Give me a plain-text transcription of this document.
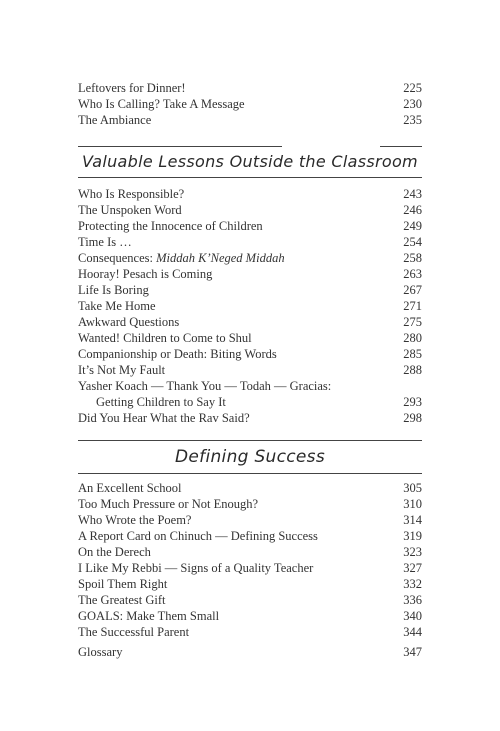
Leftovers for Dinner!	225
Who Is Calling? Take A Message	230
The Ambiance	235
Valuable Lessons Outside the Classroom
Who Is Responsible?	243
The Unspoken Word	246
Protecting the Innocence of Children	249
Time Is …	254
Consequences: Middah K’Neged Middah	258
Hooray! Pesach is Coming	263
Life Is Boring	267
Take Me Home	271
Awkward Questions	275
Wanted! Children to Come to Shul	280
Companionship or Death: Biting Words	285
It’s Not My Fault	288
Yasher Koach — Thank You — Todah — Gracias:
Getting Children to Say It	293
Did You Hear What the Rav Said?	298
Defining Success
An Excellent School	305
Too Much Pressure or Not Enough?	310
Who Wrote the Poem?	314
A Report Card on Chinuch — Defining Success	319
On the Derech	323
I Like My Rebbi — Signs of a Quality Teacher	327
Spoil Them Right	332
The Greatest Gift	336
GOALS: Make Them Small	340
The Successful Parent	344
Glossary	347
